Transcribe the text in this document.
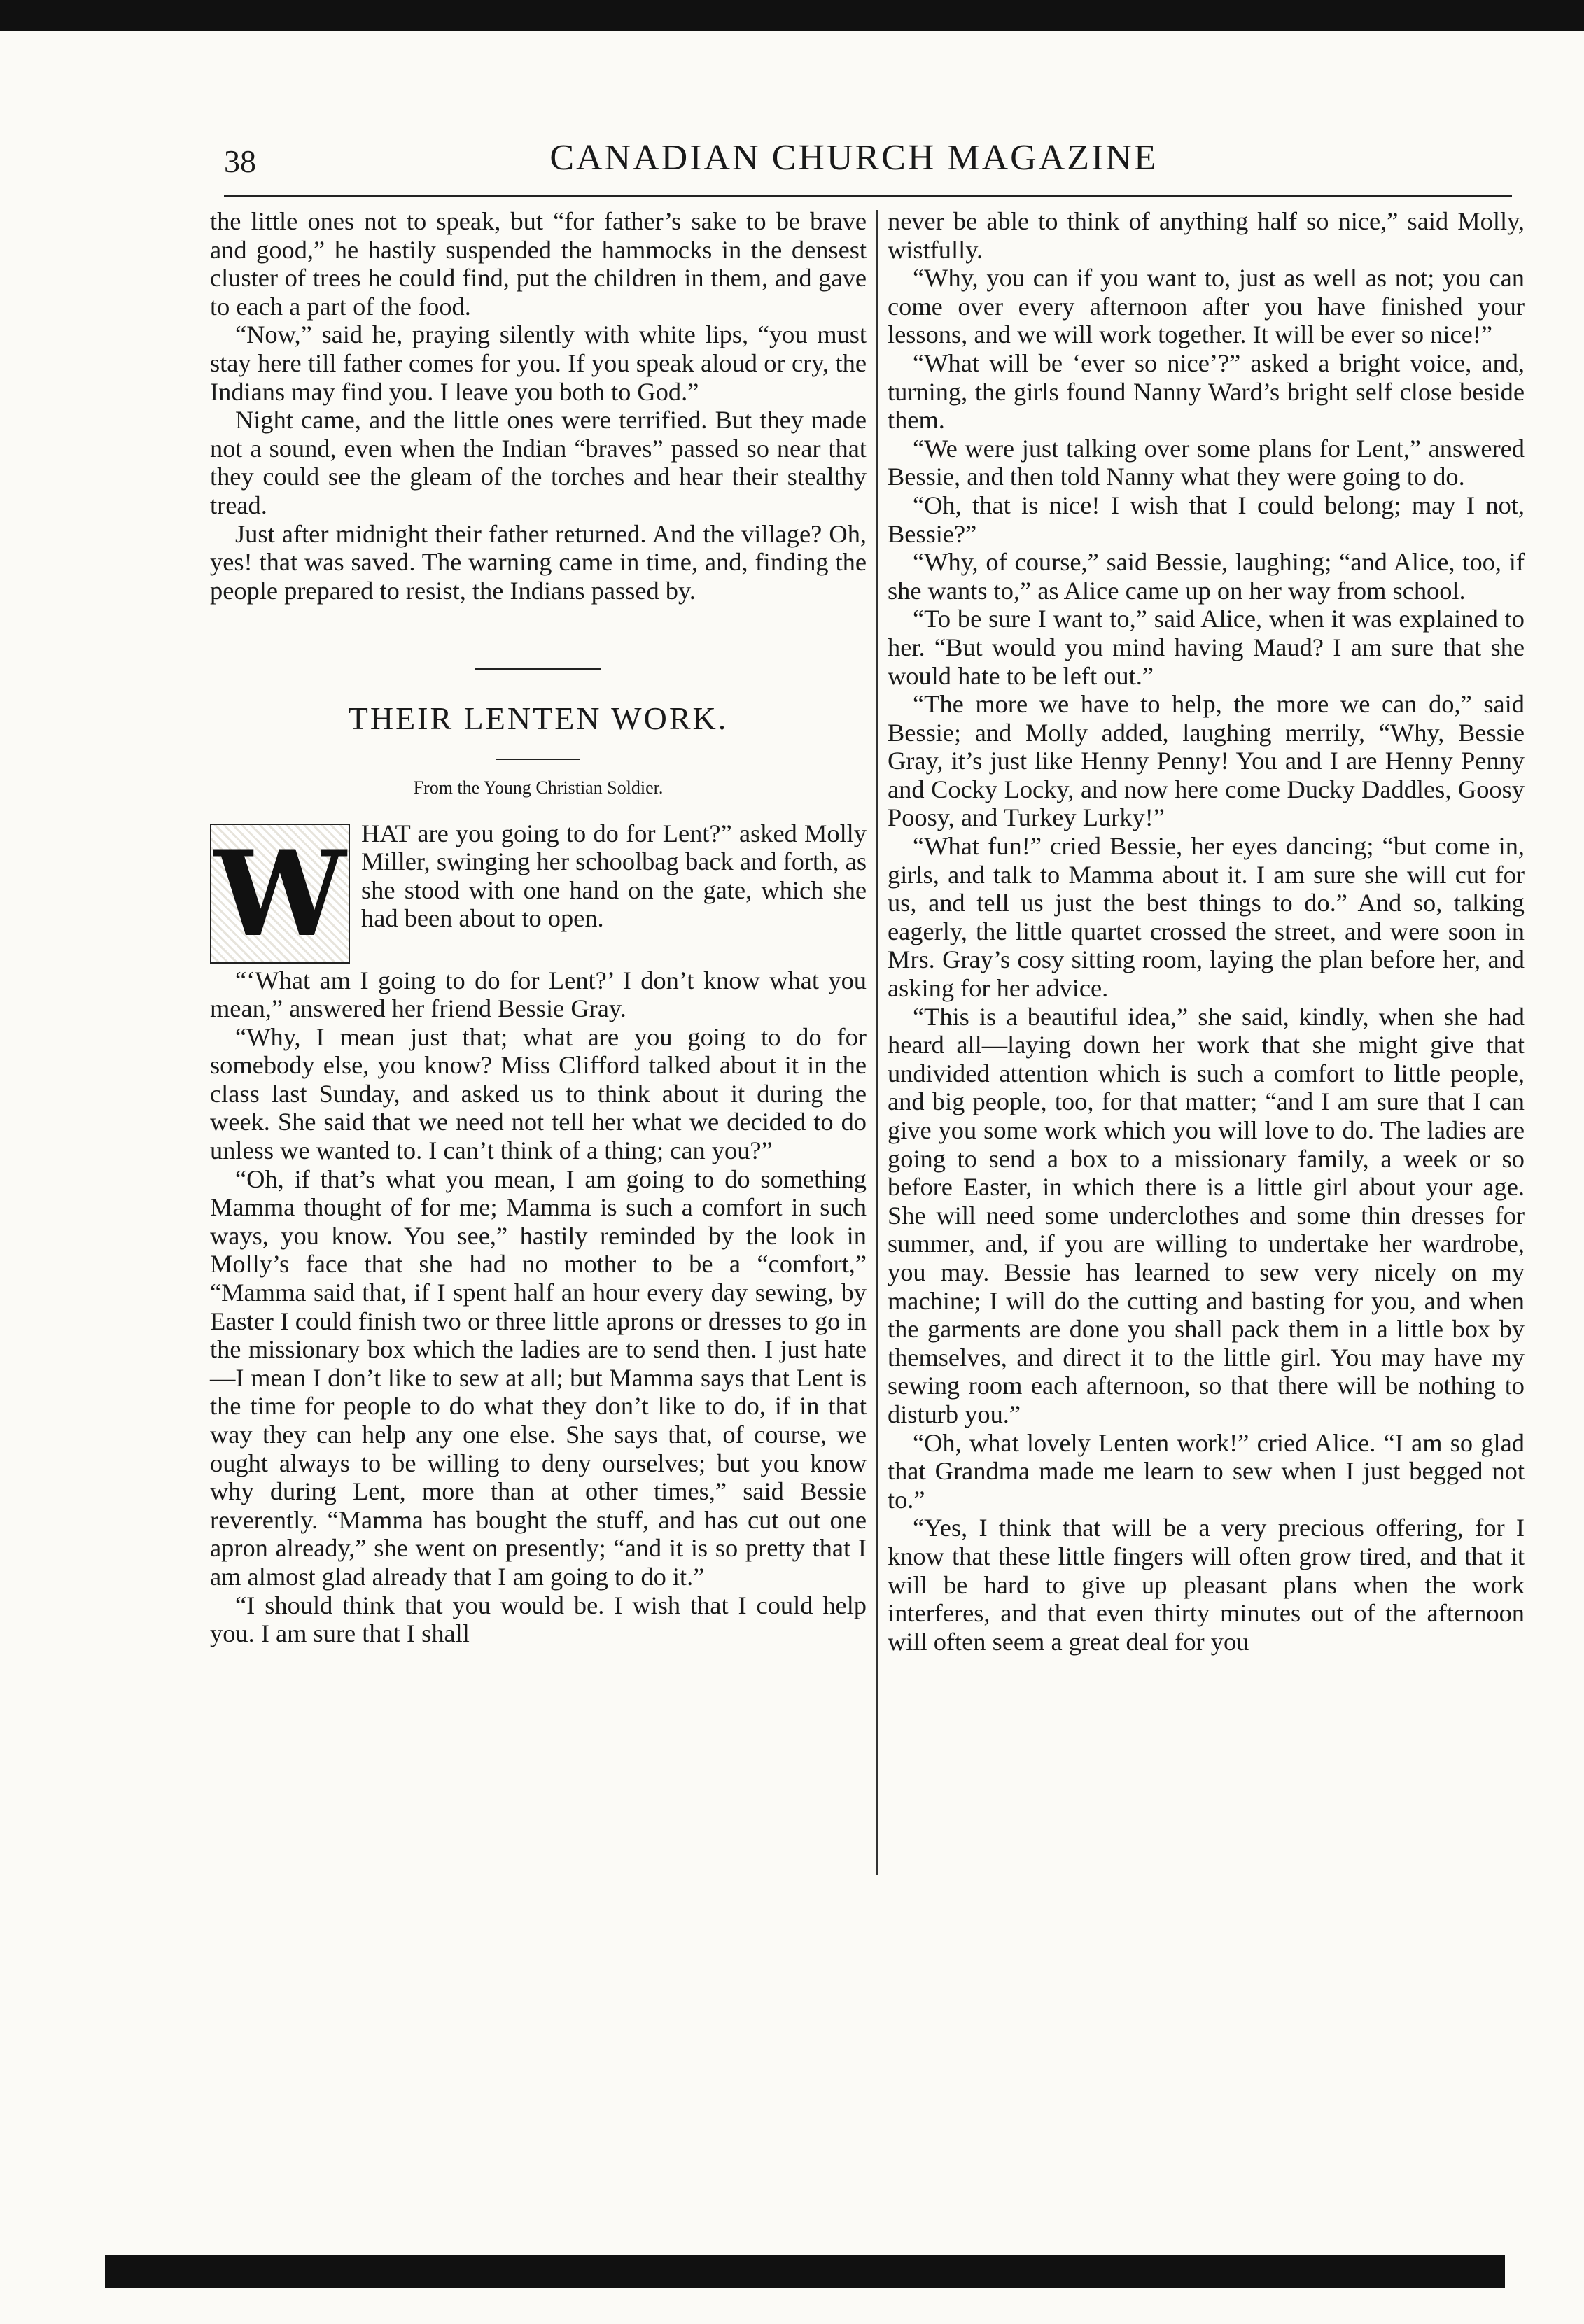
38	CANADIAN CHURCH MAGAZINE

the little ones not to speak, but “for father’s sake to be brave and good,” he hastily suspended the hammocks in the densest cluster of trees he could find, put the children in them, and gave to each a part of the food.

“Now,” said he, praying silently with white lips, “you must stay here till father comes for you. If you speak aloud or cry, the Indians may find you. I leave you both to God.”

Night came, and the little ones were terrified. But they made not a sound, even when the Indian “braves” passed so near that they could see the gleam of the torches and hear their stealthy tread.

Just after midnight their father returned. And the village? Oh, yes! that was saved. The warning came in time, and, finding the people prepared to resist, the Indians passed by.

THEIR LENTEN WORK.
From the Young Christian Soldier.
W HAT are you going to do for Lent?” asked Molly Miller, swinging her schoolbag back and forth, as she stood with one hand on the gate, which she had been about to open.

“‘What am I going to do for Lent?’ I don’t know what you mean,” answered her friend Bessie Gray.

“Why, I mean just that; what are you going to do for somebody else, you know? Miss Clifford talked about it in the class last Sunday, and asked us to think about it during the week. She said that we need not tell her what we decided to do unless we wanted to. I can’t think of a thing; can you?”

“Oh, if that’s what you mean, I am going to do something Mamma thought of for me; Mamma is such a comfort in such ways, you know. You see,” hastily reminded by the look in Molly’s face that she had no mother to be a “comfort,” “Mamma said that, if I spent half an hour every day sewing, by Easter I could finish two or three little aprons or dresses to go in the missionary box which the ladies are to send then. I just hate—I mean I don’t like to sew at all; but Mamma says that Lent is the time for people to do what they don’t like to do, if in that way they can help any one else. She says that, of course, we ought always to be willing to deny ourselves; but you know why during Lent, more than at other times,” said Bessie reverently. “Mamma has bought the stuff, and has cut out one apron already,” she went on presently; “and it is so pretty that I am almost glad already that I am going to do it.”

“I should think that you would be. I wish that I could help you. I am sure that I shall

never be able to think of anything half so nice,” said Molly, wistfully.

“Why, you can if you want to, just as well as not; you can come over every afternoon after you have finished your lessons, and we will work together. It will be ever so nice!”

“What will be ‘ever so nice’?” asked a bright voice, and, turning, the girls found Nanny Ward’s bright self close beside them.

“We were just talking over some plans for Lent,” answered Bessie, and then told Nanny what they were going to do.

“Oh, that is nice! I wish that I could belong; may I not, Bessie?”

“Why, of course,” said Bessie, laughing; “and Alice, too, if she wants to,” as Alice came up on her way from school.

“To be sure I want to,” said Alice, when it was explained to her. “But would you mind having Maud? I am sure that she would hate to be left out.”

“The more we have to help, the more we can do,” said Bessie; and Molly added, laughing merrily, “Why, Bessie Gray, it’s just like Henny Penny! You and I are Henny Penny and Cocky Locky, and now here come Ducky Daddles, Goosy Poosy, and Turkey Lurky!”

“What fun!” cried Bessie, her eyes dancing; “but come in, girls, and talk to Mamma about it. I am sure she will cut for us, and tell us just the best things to do.” And so, talking eagerly, the little quartet crossed the street, and were soon in Mrs. Gray’s cosy sitting room, laying the plan before her, and asking for her advice.

“This is a beautiful idea,” she said, kindly, when she had heard all—laying down her work that she might give that undivided attention which is such a comfort to little people, and big people, too, for that matter; “and I am sure that I can give you some work which you will love to do. The ladies are going to send a box to a missionary family, a week or so before Easter, in which there is a little girl about your age. She will need some underclothes and some thin dresses for summer, and, if you are willing to undertake her wardrobe, you may. Bessie has learned to sew very nicely on my machine; I will do the cutting and basting for you, and when the garments are done you shall pack them in a little box by themselves, and direct it to the little girl. You may have my sewing room each afternoon, so that there will be nothing to disturb you.”

“Oh, what lovely Lenten work!” cried Alice. “I am so glad that Grandma made me learn to sew when I just begged not to.”

“Yes, I think that will be a very precious offering, for I know that these little fingers will often grow tired, and that it will be hard to give up pleasant plans when the work interferes, and that even thirty minutes out of the afternoon will often seem a great deal for you
